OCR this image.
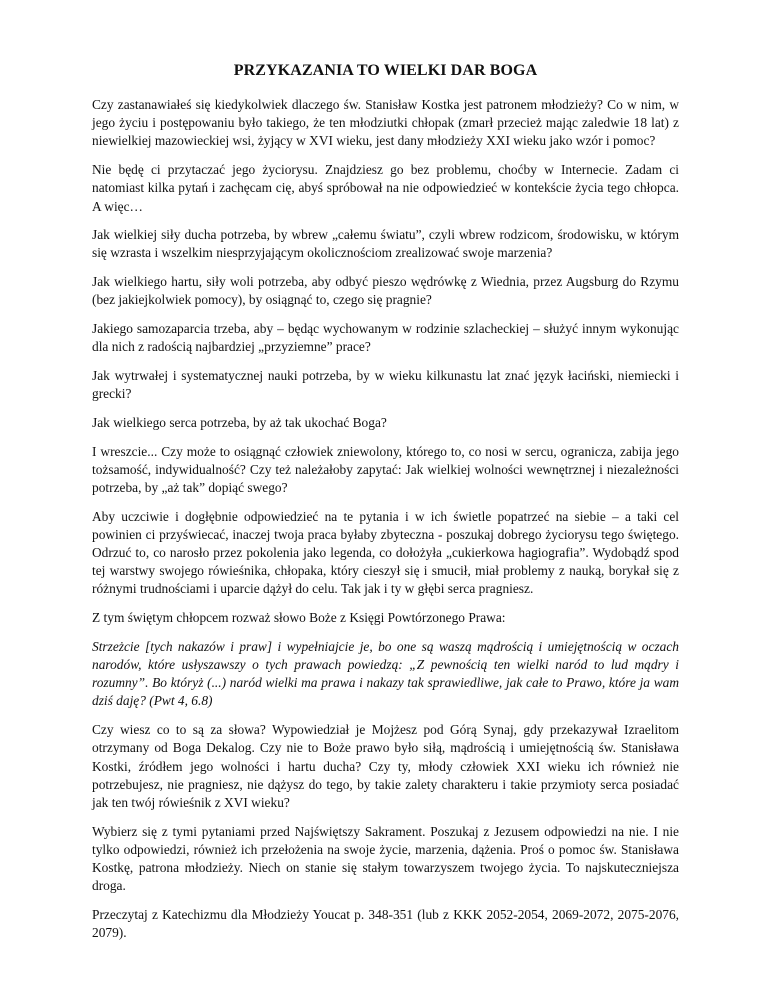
PRZYKAZANIA TO WIELKI DAR BOGA

Czy zastanawiałeś się kiedykolwiek dlaczego św. Stanisław Kostka jest patronem młodzieży? Co w nim, w jego życiu i postępowaniu było takiego, że ten młodziutki chłopak (zmarł przecież mając zaledwie 18 lat) z niewielkiej mazowieckiej wsi, żyjący w XVI wieku, jest dany młodzieży XXI wieku jako wzór i pomoc?

Nie będę ci przytaczać jego życiorysu. Znajdziesz go bez problemu, choćby w Internecie. Zadam ci natomiast kilka pytań i zachęcam cię, abyś spróbował na nie odpowiedzieć w kontekście życia tego chłopca. A więc…

Jak wielkiej siły ducha potrzeba, by wbrew „całemu światu”, czyli wbrew rodzicom, środowisku, w którym się wzrasta i wszelkim niesprzyjającym okolicznościom zrealizować swoje marzenia?

Jak wielkiego hartu, siły woli potrzeba, aby odbyć pieszo wędrówkę z Wiednia, przez Augsburg do Rzymu (bez jakiejkolwiek pomocy), by osiągnąć to, czego się pragnie?

Jakiego samozaparcia trzeba, aby – będąc wychowanym w rodzinie szlacheckiej – służyć innym wykonując dla nich z radością najbardziej „przyziemne” prace?

Jak wytrwałej i systematycznej nauki potrzeba, by w wieku kilkunastu lat znać język łaciński, niemiecki i grecki?

Jak wielkiego serca potrzeba, by aż tak ukochać Boga?

I wreszcie... Czy może to osiągnąć człowiek zniewolony, którego to, co nosi w sercu, ogranicza, zabija jego tożsamość, indywidualność? Czy też należałoby zapytać: Jak wielkiej wolności wewnętrznej i niezależności potrzeba, by „aż tak” dopiąć swego?

Aby uczciwie i dogłębnie odpowiedzieć na te pytania i w ich świetle popatrzeć na siebie – a taki cel powinien ci przyświecać, inaczej twoja praca byłaby zbyteczna - poszukaj dobrego życiorysu tego świętego. Odrzuć to, co narosło przez pokolenia jako legenda, co dołożyła „cukierkowa hagiografia”. Wydobądź spod tej warstwy swojego rówieśnika, chłopaka, który cieszył się i smucił, miał problemy z nauką, borykał się z różnymi trudnościami i uparcie dążył do celu. Tak jak i ty w głębi serca pragniesz.

Z tym świętym chłopcem rozważ słowo Boże z Księgi Powtórzonego Prawa:

Strzeżcie [tych nakazów i praw] i wypełniajcie je, bo one są waszą mądrością i umiejętnością w oczach narodów, które usłyszawszy o tych prawach powiedzą: „Z pewnością ten wielki naród to lud mądry i rozumny”. Bo któryż (...) naród wielki ma prawa i nakazy tak sprawiedliwe, jak całe to Prawo, które ja wam dziś daję? (Pwt 4, 6.8)

Czy wiesz co to są za słowa? Wypowiedział je Mojżesz pod Górą Synaj, gdy przekazywał Izraelitom otrzymany od Boga Dekalog. Czy nie to Boże prawo było siłą, mądrością i umiejętnością św. Stanisława Kostki, źródłem jego wolności i hartu ducha? Czy ty, młody człowiek XXI wieku ich również nie potrzebujesz, nie pragniesz, nie dążysz do tego, by takie zalety charakteru i takie przymioty serca posiadać jak ten twój rówieśnik z XVI wieku?

Wybierz się z tymi pytaniami przed Najświętszy Sakrament. Poszukaj z Jezusem odpowiedzi na nie. I nie tylko odpowiedzi, również ich przełożenia na swoje życie, marzenia, dążenia. Proś o pomoc św. Stanisława Kostkę, patrona młodzieży. Niech on stanie się stałym towarzyszem twojego życia. To najskuteczniejsza droga.

Przeczytaj z Katechizmu dla Młodzieży Youcat p. 348-351 (lub z KKK 2052-2054, 2069-2072, 2075-2076, 2079).
